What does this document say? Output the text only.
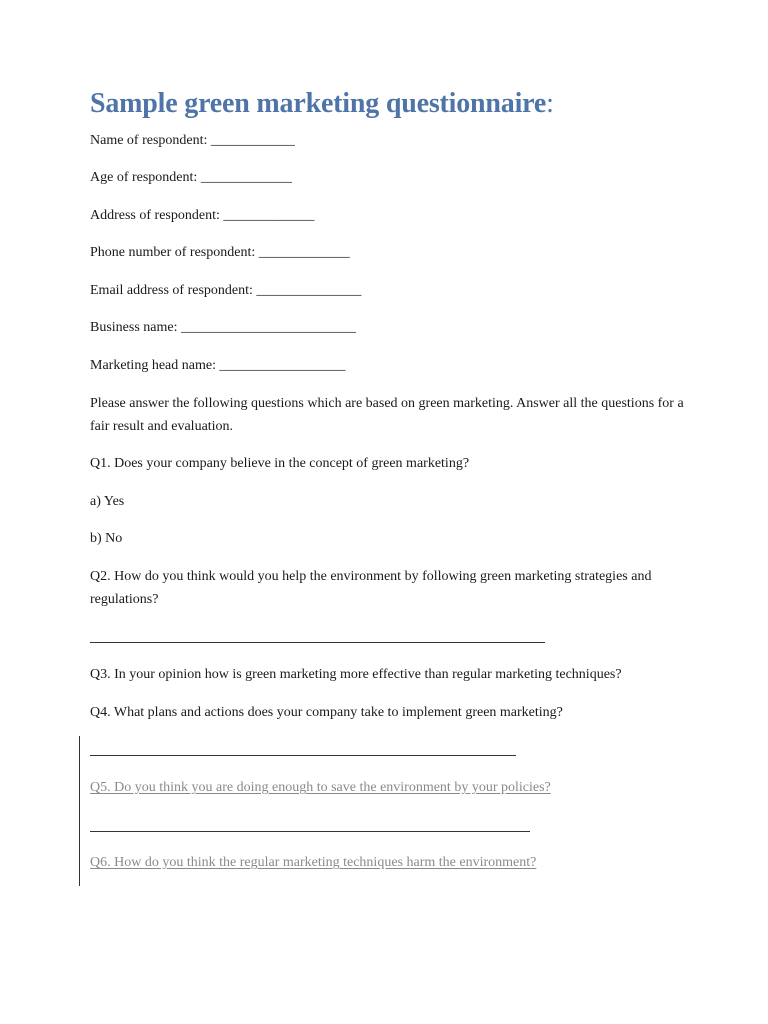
Sample green marketing questionnaire:
Name of respondent: ____________
Age of respondent: _____________
Address of respondent: _____________
Phone number of respondent: _____________
Email address of respondent: _______________
Business name: _________________________
Marketing head name: __________________
Please answer the following questions which are based on green marketing. Answer all the questions for a fair result and evaluation.
Q1. Does your company believe in the concept of green marketing?
a) Yes
b) No
Q2. How do you think would you help the environment by following green marketing strategies and regulations?
Q3. In your opinion how is green marketing more effective than regular marketing techniques?
Q4. What plans and actions does your company take to implement green marketing?
Q5. Do you think you are doing enough to save the environment by your policies?
Q6. How do you think the regular marketing techniques harm the environment?
